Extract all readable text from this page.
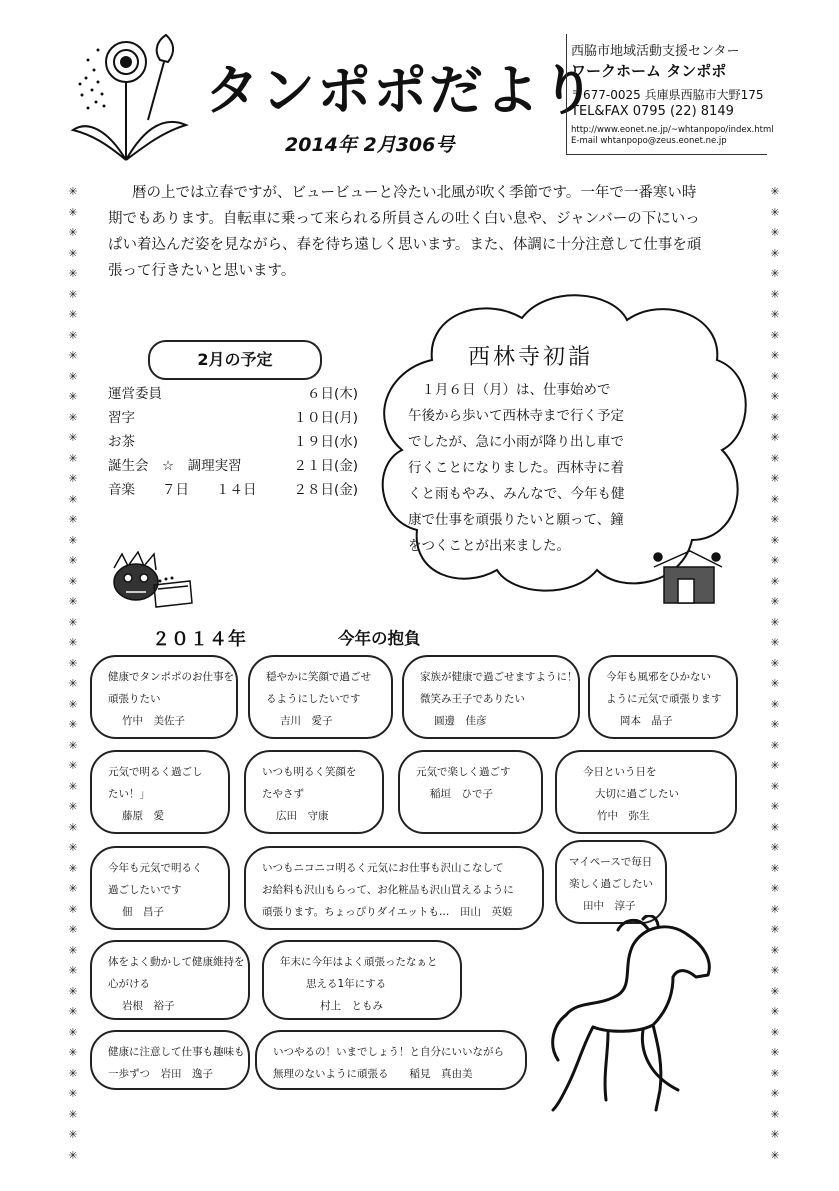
✳
✳
✳
✳
✳
✳
✳
✳
✳
✳
✳
✳
✳
✳
✳
✳
✳
✳
✳
✳
✳
✳
✳
✳
✳
✳
✳
✳
✳
✳
✳
✳
✳
✳
✳
✳
✳
✳
✳
✳
✳
✳
✳
✳
✳
✳
✳
✳

✳
✳
✳
✳
✳
✳
✳
✳
✳
✳
✳
✳
✳
✳
✳
✳
✳
✳
✳
✳
✳
✳
✳
✳
✳
✳
✳
✳
✳
✳
✳
✳
✳
✳
✳
✳
✳
✳
✳
✳
✳
✳
✳
✳
✳
✳
✳
✳

タンポポだより
2014年 2月306号
西脇市地域活動支援センター
ワークホーム タンポポ
〒677-0025 兵庫県西脇市大野175
TEL&FAX 0795 (22) 8149
http://www.eonet.ne.jp/~whtanpopo/index.html
E-mail whtanpopo@zeus.eonet.ne.jp
暦の上では立春ですが、ビュービューと冷たい北風が吹く季節です。一年で一番寒い時
期でもあります。自転車に乗って来られる所員さんの吐く白い息や、ジャンバーの下にいっ
ぱい着込んだ姿を見ながら、春を待ち遠しく思います。また、体調に十分注意して仕事を頑
張って行きたいと思います。
2月の予定
運営委員	６日(木)
習字	１０日(月)
お茶	１９日(水)
誕生会　☆　調理実習	２１日(金)
音楽　　７日　　１４日	２８日(金)
西林寺初詣
　１月６日（月）は、仕事始めで
午後から歩いて西林寺まで行く予定
でしたが、急に小雨が降り出し車で
行くことになりました。西林寺に着
くと雨もやみ、みんなで、今年も健
康で仕事を頑張りたいと願って、鐘
をつくことが出来ました。
２０１４年	今年の抱負
健康でタンポポのお仕事を
頑張りたい
竹中　美佐子
穏やかに笑顔で過ごせ
るようにしたいです
吉川　愛子
家族が健康で過ごせますように！
微笑み王子でありたい
圓邊　佳彦
今年も風邪をひかない
ように元気で頑張ります
岡本　晶子
元気で明るく過ごし
たい！」
藤原　愛
いつも明るく笑顔を
たやさず
広田　守康
元気で楽しく過ごす
稲垣　ひで子
今日という日を
大切に過ごしたい
竹中　弥生
今年も元気で明るく
過ごしたいです
佃　昌子
いつもニコニコ明るく元気にお仕事も沢山こなして
お給料も沢山もらって、お化粧品も沢山買えるように
頑張ります。ちょっぴりダイエットも…　田山　英姫
マイペースで毎日
楽しく過ごしたい
田中　淳子
体をよく動かして健康維持を
心がける
岩根　裕子
年末に今年はよく頑張ったなぁと
思える1年にする
村上　ともみ
健康に注意して仕事も趣味も
一歩ずつ　岩田　逸子
いつやるの！いまでしょう！と自分にいいながら
無理のないように頑張る　　稲見　真由美
